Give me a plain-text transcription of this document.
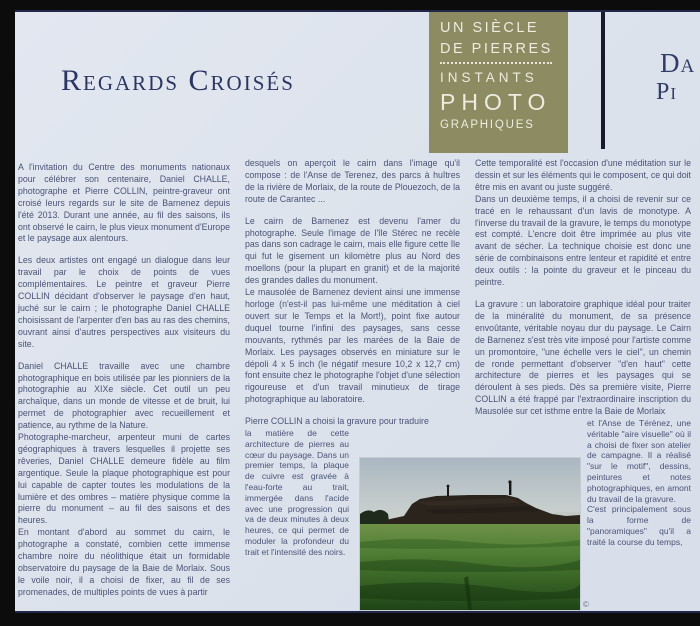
Regards Croisés
UN SIÈCLE
DE PIERRES
INSTANTS
PHOTO
GRAPHIQUES

Da

Pi

A l'invitation du Centre des monuments nationaux pour célébrer son centenaire, Daniel CHALLE, photographe et Pierre COLLIN, peintre-graveur ont croisé leurs regards sur le site de Barnenez depuis l'été 2013. Durant une année, au fil des saisons, ils ont observé le cairn, le plus vieux monument d'Europe et le paysage aux alentours.

Les deux artistes ont engagé un dialogue dans leur travail par le choix de points de vues complémentaires. Le peintre et graveur Pierre COLLIN décidant d'observer le paysage d'en haut, juché sur le cairn ; le photographe Daniel CHALLE choisissant de l'arpenter d'en bas au ras des chemins, ouvrant ainsi d'autres perspectives aux visiteurs du site.

Daniel CHALLE travaille avec une chambre photographique en bois utilisée par les pionniers de la photographie au XIXe siècle. Cet outil un peu archaïque, dans un monde de vitesse et de bruit, lui permet de photographier avec recueillement et patience, au rythme de la Nature.

Photographe-marcheur, arpenteur muni de cartes géographiques à travers lesquelles il projette ses rêveries, Daniel CHALLE demeure fidèle au film argentique. Seule la plaque photographique est pour lui capable de capter toutes les modulations de la lumière et des ombres – matière physique comme la pierre du monument – au fil des saisons et des heures.

En montant d'abord au sommet du cairn, le photographe a constaté, combien cette immense chambre noire du néolithique était un formidable observatoire du paysage de la Baie de Morlaix. Sous le voile noir, il a choisi de fixer, au fil de ses promenades, de multiples points de vues à partir

desquels on aperçoit le cairn dans l'image qu'il compose : de l'Anse de Terenez, des parcs à huîtres de la rivière de Morlaix, de la route de Plouezoch, de la route de Carantec ...

Le cairn de Barnenez est devenu l'amer du photographe. Seule l'image de l'île Stérec ne recèle pas dans son cadrage le cairn, mais elle figure cette île qui fut le gisement un kilomètre plus au Nord des moellons (pour la plupart en granit) et de la majorité des grandes dalles du monument.

Le mausolée de Barnenez devient ainsi une immense horloge (n'est-il pas lui-même une méditation à ciel ouvert sur le Temps et la Mort!), point fixe autour duquel tourne l'infini des paysages, sans cesse mouvants, rythmés par les marées de la Baie de Morlaix. Les paysages observés en miniature sur le dépoli 4 x 5 inch (le négatif mesure 10,2 x 12,7 cm) font ensuite chez le photographe l'objet d'une sélection rigoureuse et d'un travail minutieux de tirage photographique au laboratoire.

Pierre COLLIN a choisi la gravure pour traduire

la matière de cette architecture de pierres au cœur du paysage. Dans un premier temps, la plaque de cuivre est gravée à l'eau-forte au trait, immergée dans l'acide avec une progression qui va de deux minutes à deux heures, ce qui permet de moduler la profondeur du trait et l'intensité des noirs.

Cette temporalité est l'occasion d'une méditation sur le dessin et sur les éléments qui le composent, ce qui doit être mis en avant ou juste suggéré.

Dans un deuxième temps, il a choisi de revenir sur ce tracé en le rehaussant d'un lavis de monotype. A l'inverse du travail de la gravure, le temps du monotype est compté. L'encre doit être imprimée au plus vite avant de sécher. La technique choisie est donc une série de combinaisons entre lenteur et rapidité et entre deux outils : la pointe du graveur et le pinceau du peintre.

La gravure : un laboratoire graphique idéal pour traiter de la minéralité du monument, de sa présence envoûtante, véritable noyau dur du paysage. Le Cairn de Barnenez s'est très vite imposé pour l'artiste comme un promontoire, "une échelle vers le ciel", un chemin de ronde permettant d'observer "d'en haut" cette architecture de pierres et les paysages qui se déroulent à ses pieds. Dès sa première visite, Pierre COLLIN a été frappé par l'extraordinaire inscription du Mausolée sur cet isthme entre la Baie de Morlaix

et l'Anse de Térènez, une véritable "aire visuelle" où il a choisi de fixer son atelier de campagne. Il a réalisé "sur le motif", dessins, peintures et notes photographiques, en amont du travail de la gravure.

C'est principalement sous la forme de "panoramiques" qu'il a traité la course du temps,

©
